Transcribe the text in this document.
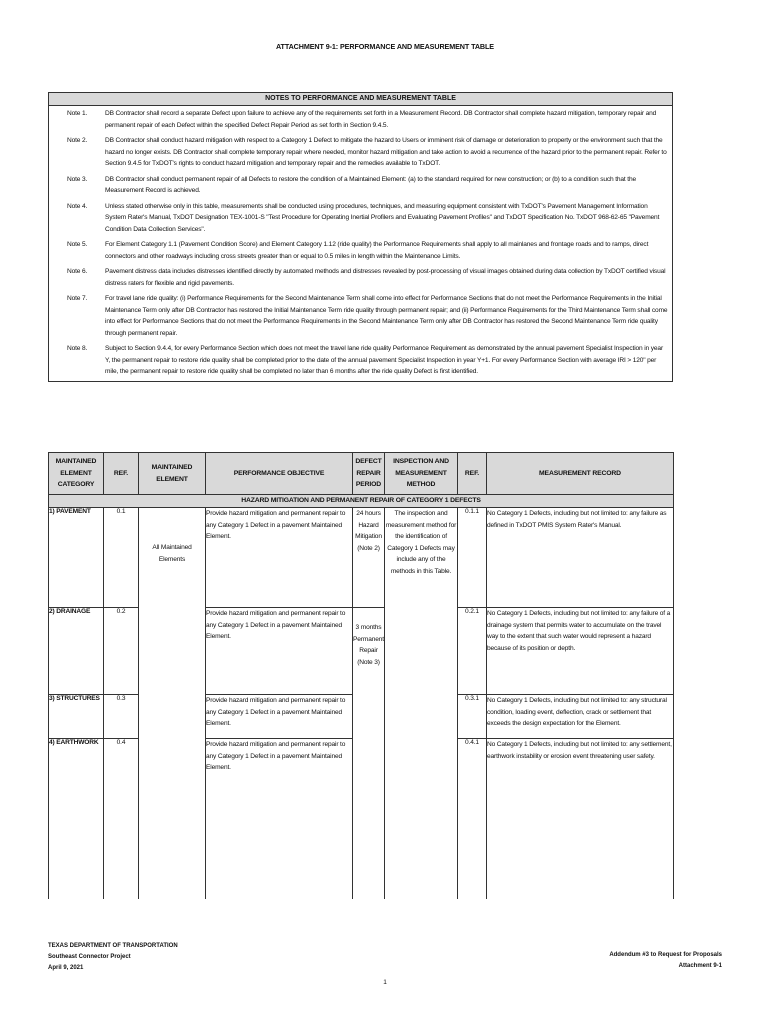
ATTACHMENT 9-1: PERFORMANCE AND MEASUREMENT TABLE
NOTES TO PERFORMANCE AND MEASUREMENT TABLE
Note 1.	DB Contractor shall record a separate Defect upon failure to achieve any of the requirements set forth in a Measurement Record. DB Contractor shall complete hazard mitigation, temporary repair and permanent repair of each Defect within the specified Defect Repair Period as set forth in Section 9.4.5.
Note 2.	DB Contractor shall conduct hazard mitigation with respect to a Category 1 Defect to mitigate the hazard to Users or imminent risk of damage or deterioration to property or the environment such that the hazard no longer exists. DB Contractor shall complete temporary repair where needed, monitor hazard mitigation and take action to avoid a recurrence of the hazard prior to the permanent repair. Refer to Section 9.4.5 for TxDOT's rights to conduct hazard mitigation and temporary repair and the remedies available to TxDOT.
Note 3.	DB Contractor shall conduct permanent repair of all Defects to restore the condition of a Maintained Element: (a) to the standard required for new construction; or (b) to a condition such that the Measurement Record is achieved.
Note 4.	Unless stated otherwise only in this table, measurements shall be conducted using procedures, techniques, and measuring equipment consistent with TxDOT's Pavement Management Information System Rater's Manual, TxDOT Designation TEX-1001-S "Test Procedure for Operating Inertial Profilers and Evaluating Pavement Profiles" and TxDOT Specification No. TxDOT 968-62-65 "Pavement Condition Data Collection Services".
Note 5.	For Element Category 1.1 (Pavement Condition Score) and Element Category 1.12 (ride quality) the Performance Requirements shall apply to all mainlanes and frontage roads and to ramps, direct connectors and other roadways including cross streets greater than or equal to 0.5 miles in length within the Maintenance Limits.
Note 6.	Pavement distress data includes distresses identified directly by automated methods and distresses revealed by post-processing of visual images obtained during data collection by TxDOT certified visual distress raters for flexible and rigid pavements.
Note 7.	For travel lane ride quality: (i) Performance Requirements for the Second Maintenance Term shall come into effect for Performance Sections that do not meet the Performance Requirements in the Initial Maintenance Term only after DB Contractor has restored the Initial Maintenance Term ride quality through permanent repair; and (ii) Performance Requirements for the Third Maintenance Term shall come into effect for Performance Sections that do not meet the Performance Requirements in the Second Maintenance Term only after DB Contractor has restored the Second Maintenance Term ride quality through permanent repair.
Note 8.	Subject to Section 9.4.4, for every Performance Section which does not meet the travel lane ride quality Performance Requirement as demonstrated by the annual pavement Specialist Inspection in year Y, the permanent repair to restore ride quality shall be completed prior to the date of the annual pavement Specialist Inspection in year Y+1. For every Performance Section with average IRI > 120" per mile, the permanent repair to restore ride quality shall be completed no later than 6 months after the ride quality Defect is first identified.
MAINTAINED ELEMENT CATEGORY	REF.	MAINTAINED ELEMENT	PERFORMANCE OBJECTIVE	DEFECT REPAIR PERIOD	INSPECTION AND MEASUREMENT METHOD	REF.	MEASUREMENT RECORD
HAZARD MITIGATION AND PERMANENT REPAIR OF CATEGORY 1 DEFECTS							
1) PAVEMENT	0.1	All Maintained Elements	Provide hazard mitigation and permanent repair to any Category 1 Defect in a pavement Maintained Element.	24 hours Hazard Mitigation (Note 2)	The inspection and measurement method for the identification of Category 1 Defects may include any of the methods in this Table.	0.1.1	No Category 1 Defects, including but not limited to: any failure as defined in TxDOT PMIS System Rater's Manual.
2) DRAINAGE	0.2		Provide hazard mitigation and permanent repair to any Category 1 Defect in a pavement Maintained Element.	3 months Permanent Repair (Note 3)		0.2.1	No Category 1 Defects, including but not limited to: any failure of a drainage system that permits water to accumulate on the travel way to the extent that such water would represent a hazard because of its position or depth.
3) STRUCTURES	0.3		Provide hazard mitigation and permanent repair to any Category 1 Defect in a pavement Maintained Element.			0.3.1	No Category 1 Defects, including but not limited to: any structural condition, loading event, deflection, crack or settlement that exceeds the design expectation for the Element.
4) EARTHWORK	0.4		Provide hazard mitigation and permanent repair to any Category 1 Defect in a pavement Maintained Element.			0.4.1	No Category 1 Defects, including but not limited to: any settlement, earthwork instability or erosion event threatening user safety.
TEXAS DEPARTMENT OF TRANSPORTATION
Southeast Connector Project
April 9, 2021
Addendum #3 to Request for Proposals
Attachment 9-1
1
